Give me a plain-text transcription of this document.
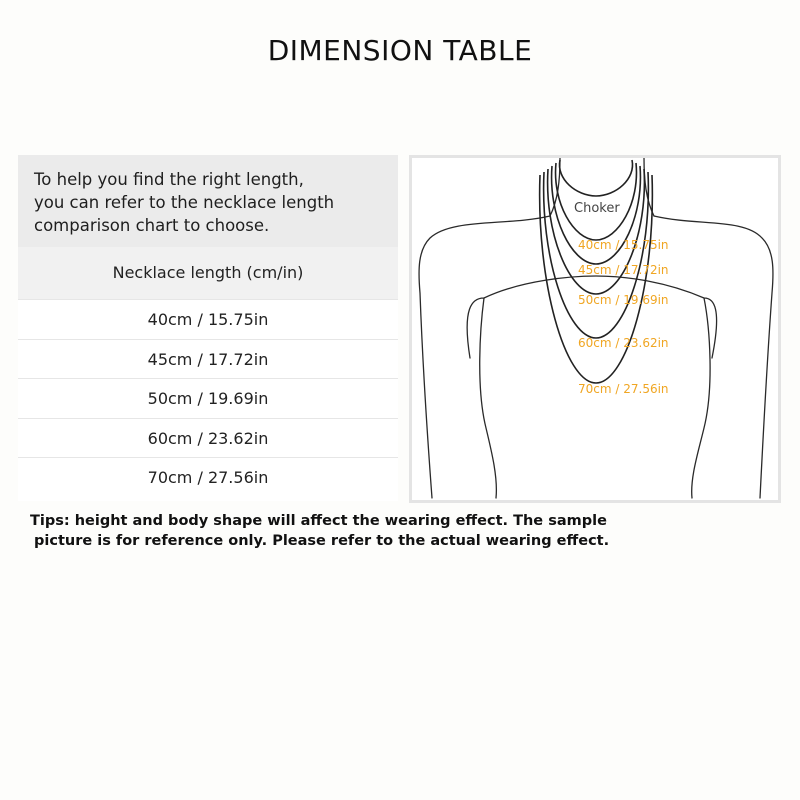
DIMENSION TABLE
To help you find the right length,
you can refer to the necklace length
comparison chart to choose.
Necklace length (cm/in)
40cm / 15.75in
45cm / 17.72in
50cm / 19.69in
60cm / 23.62in
70cm / 27.56in
Choker
40cm / 15.75in
45cm / 17.72in
50cm / 19.69in
60cm / 23.62in
70cm / 27.56in
Tips: height and body shape will affect the wearing effect. The sample
picture is for reference only. Please refer to the actual wearing effect.
